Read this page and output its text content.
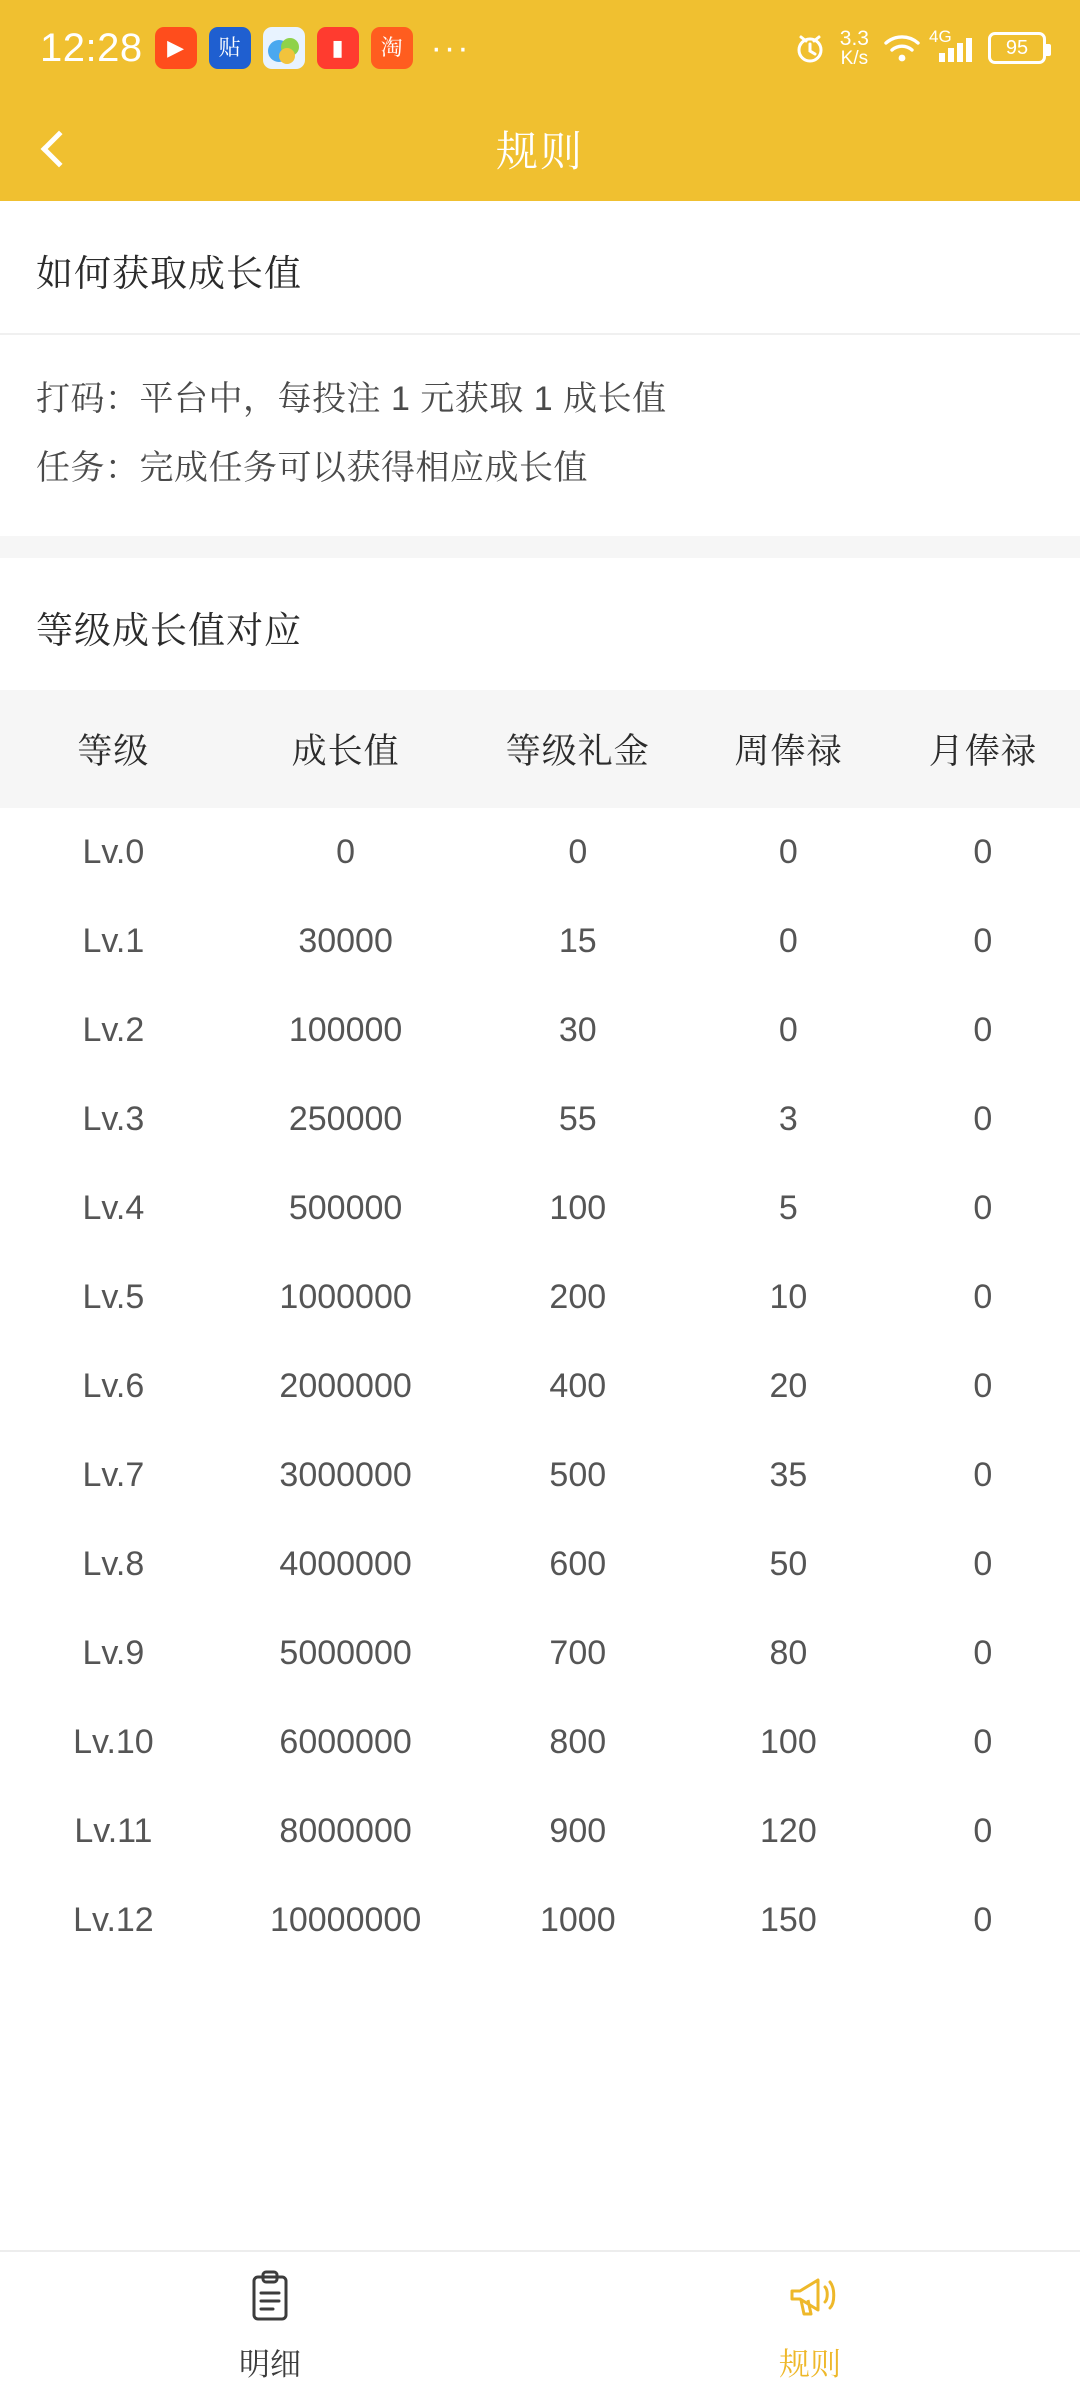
12:28 ▶ 贴	▮ 淘 ···	3.3
K/s
4G	95
规则
如何获取成长值
打码：平台中，每投注 1 元获取 1 成长值
任务：完成任务可以获得相应成长值
等级成长值对应
等级	成长值	等级礼金	周俸禄	月俸禄
Lv.0	0	0	0	0
Lv.1	30000	15	0	0
Lv.2	100000	30	0	0
Lv.3	250000	55	3	0
Lv.4	500000	100	5	0
Lv.5	1000000	200	10	0
Lv.6	2000000	400	20	0
Lv.7	3000000	500	35	0
Lv.8	4000000	600	50	0
Lv.9	5000000	700	80	0
Lv.10	6000000	800	100	0
Lv.11	8000000	900	120	0
Lv.12	10000000	1000	150	0
明细	规则
